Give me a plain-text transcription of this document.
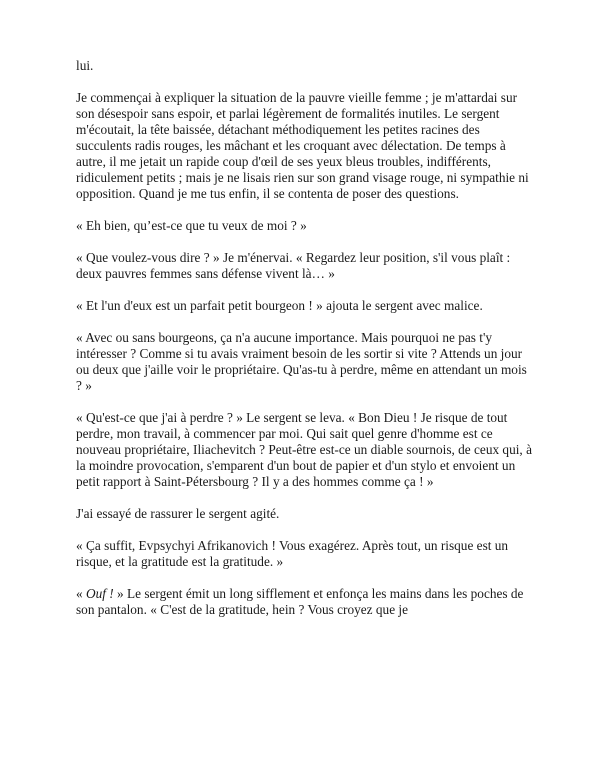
lui.

Je commençai à expliquer la situation de la pauvre vieille femme ; je m'attardai sur son désespoir sans espoir, et parlai légèrement de formalités inutiles. Le sergent m'écoutait, la tête baissée, détachant méthodiquement les petites racines des succulents radis rouges, les mâchant et les croquant avec délectation. De temps à autre, il me jetait un rapide coup d'œil de ses yeux bleus troubles, indifférents, ridiculement petits ; mais je ne lisais rien sur son grand visage rouge, ni sympathie ni opposition. Quand je me tus enfin, il se contenta de poser des questions.

« Eh bien, qu’est-ce que tu veux de moi ? »

« Que voulez-vous dire ? » Je m'énervai. « Regardez leur position, s'il vous plaît : deux pauvres femmes sans défense vivent là… »

« Et l'un d'eux est un parfait petit bourgeon ! » ajouta le sergent avec malice.

« Avec ou sans bourgeons, ça n'a aucune importance. Mais pourquoi ne pas t'y intéresser ? Comme si tu avais vraiment besoin de les sortir si vite ? Attends un jour ou deux que j'aille voir le propriétaire. Qu'as-tu à perdre, même en attendant un mois ? »

« Qu'est-ce que j'ai à perdre ? » Le sergent se leva. « Bon Dieu ! Je risque de tout perdre, mon travail, à commencer par moi. Qui sait quel genre d'homme est ce nouveau propriétaire, Iliachevitch ? Peut-être est-ce un diable sournois, de ceux qui, à la moindre provocation, s'emparent d'un bout de papier et d'un stylo et envoient un petit rapport à Saint-Pétersbourg ? Il y a des hommes comme ça ! »

J'ai essayé de rassurer le sergent agité.

« Ça suffit, Evpsychyi Afrikanovich ! Vous exagérez. Après tout, un risque est un risque, et la gratitude est la gratitude. »

« Ouf ! » Le sergent émit un long sifflement et enfonça les mains dans les poches de son pantalon. « C'est de la gratitude, hein ? Vous croyez que je
